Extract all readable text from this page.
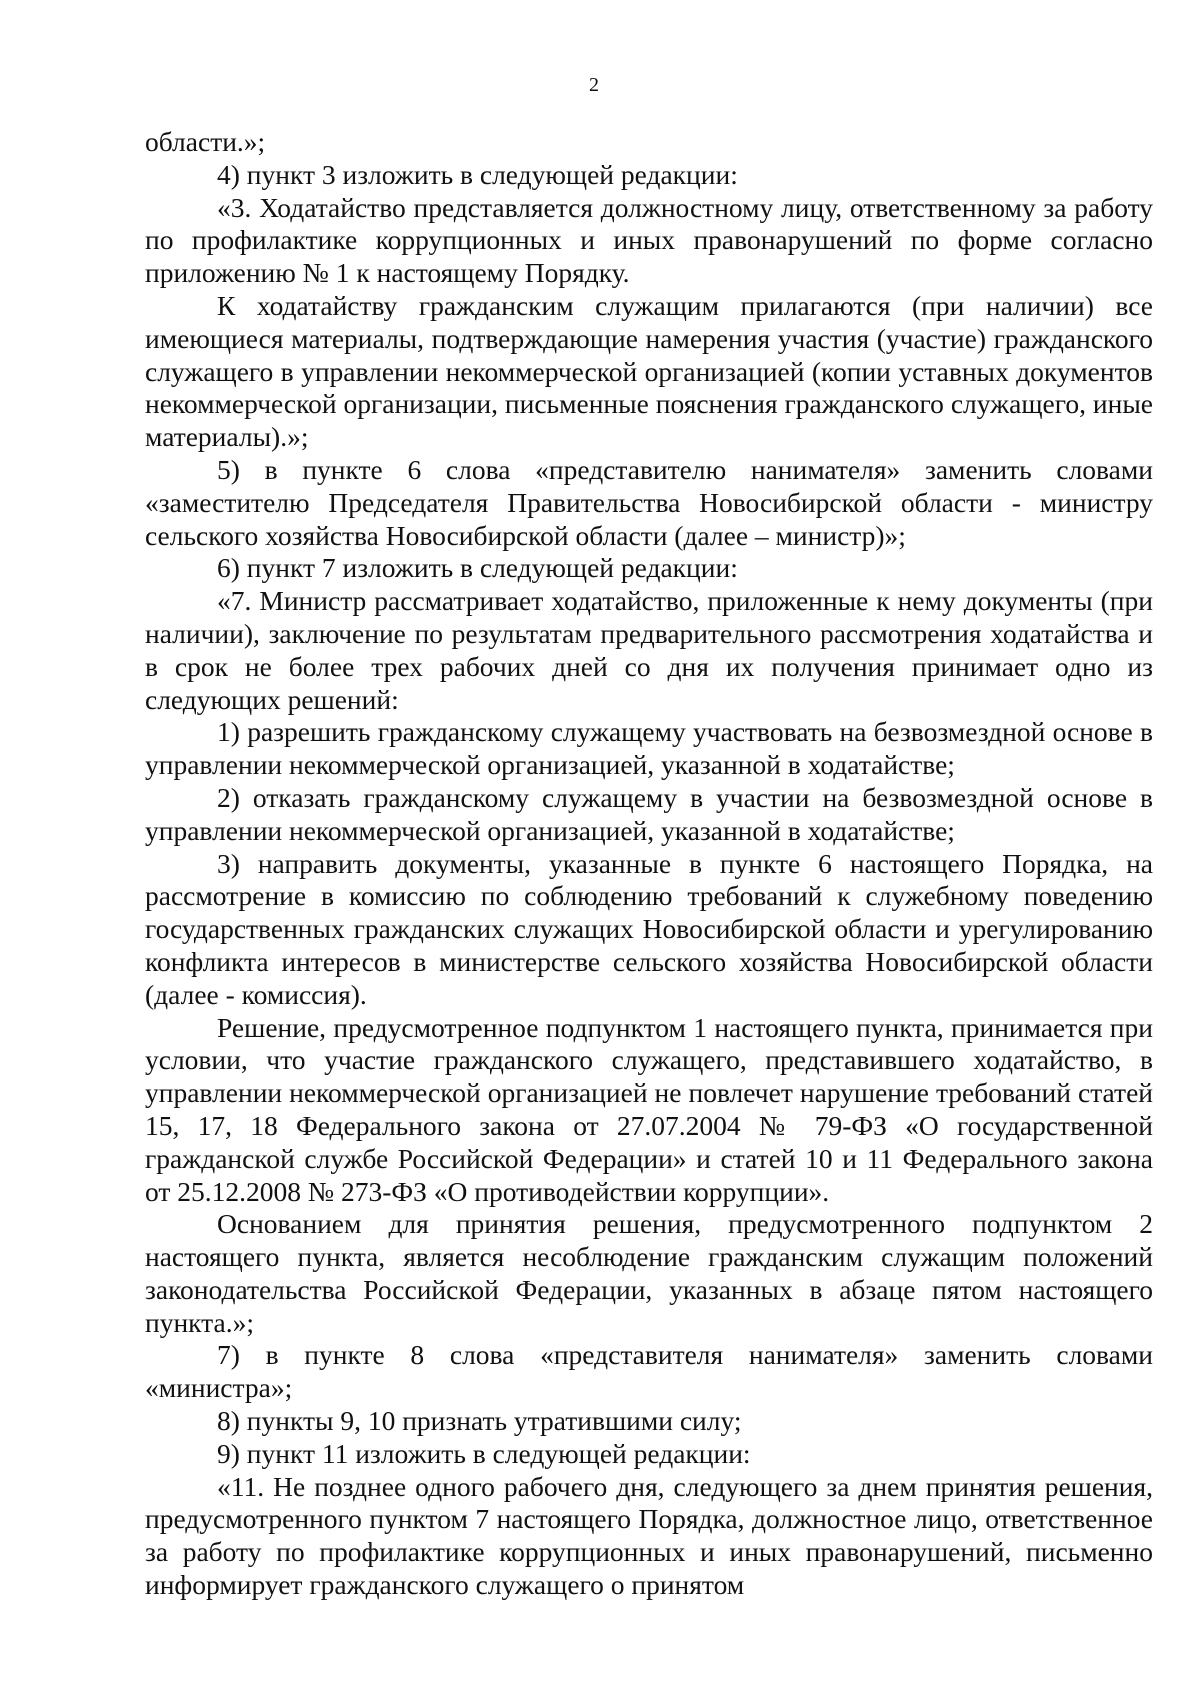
2

области.»;

4) пункт 3 изложить в следующей редакции:

«3. Ходатайство представляется должностному лицу, ответственному за работу по профилактике коррупционных и иных правонарушений по форме согласно приложению № 1 к настоящему Порядку.

К ходатайству гражданским служащим прилагаются (при наличии) все имеющиеся материалы, подтверждающие намерения участия (участие) гражданского служащего в управлении некоммерческой организацией (копии уставных документов некоммерческой организации, письменные пояснения гражданского служащего, иные материалы).»;

5) в пункте 6 слова «представителю нанимателя» заменить словами «заместителю Председателя Правительства Новосибирской области - министру сельского хозяйства Новосибирской области (далее – министр)»;

6) пункт 7 изложить в следующей редакции:

«7. Министр рассматривает ходатайство, приложенные к нему документы (при наличии), заключение по результатам предварительного рассмотрения ходатайства и в срок не более трех рабочих дней со дня их получения принимает одно из следующих решений:

1) разрешить гражданскому служащему участвовать на безвозмездной основе в управлении некоммерческой организацией, указанной в ходатайстве;

2) отказать гражданскому служащему в участии на безвозмездной основе в управлении некоммерческой организацией, указанной в ходатайстве;

3) направить документы, указанные в пункте 6 настоящего Порядка, на рассмотрение в комиссию по соблюдению требований к служебному поведению государственных гражданских служащих Новосибирской области и урегулированию конфликта интересов в министерстве сельского хозяйства Новосибирской области (далее - комиссия).

Решение, предусмотренное подпунктом 1 настоящего пункта, принимается при условии, что участие гражданского служащего, представившего ходатайство, в управлении некоммерческой организацией не повлечет нарушение требований статей 15, 17, 18 Федерального закона от 27.07.2004 № 79-ФЗ «О государственной гражданской службе Российской Федерации» и статей 10 и 11 Федерального закона от 25.12.2008 № 273-ФЗ «О противодействии коррупции».

Основанием для принятия решения, предусмотренного подпунктом 2 настоящего пункта, является несоблюдение гражданским служащим положений законодательства Российской Федерации, указанных в абзаце пятом настоящего пункта.»;

7) в пункте 8 слова «представителя нанимателя» заменить словами «министра»;

8) пункты 9, 10 признать утратившими силу;

9) пункт 11 изложить в следующей редакции:

«11. Не позднее одного рабочего дня, следующего за днем принятия решения, предусмотренного пунктом 7 настоящего Порядка, должностное лицо, ответственное за работу по профилактике коррупционных и иных правонарушений, письменно информирует гражданского служащего о принятом
